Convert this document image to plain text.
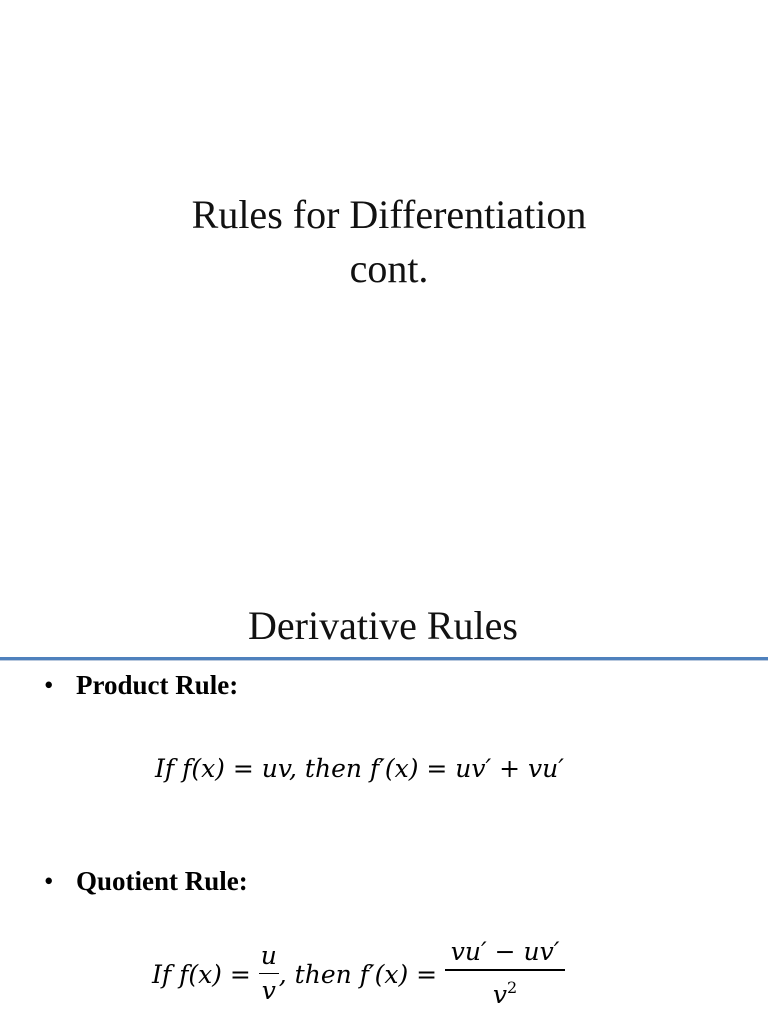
Rules for Differentiation
cont.
Derivative Rules
• Product Rule:
If f(x) = uv, then f′(x) = uv′ + vu′
• Quotient Rule:
If $f(x) = \frac{u}{v}$ , then $f'(x) = \frac{vu' - uv'}{v^2}$
